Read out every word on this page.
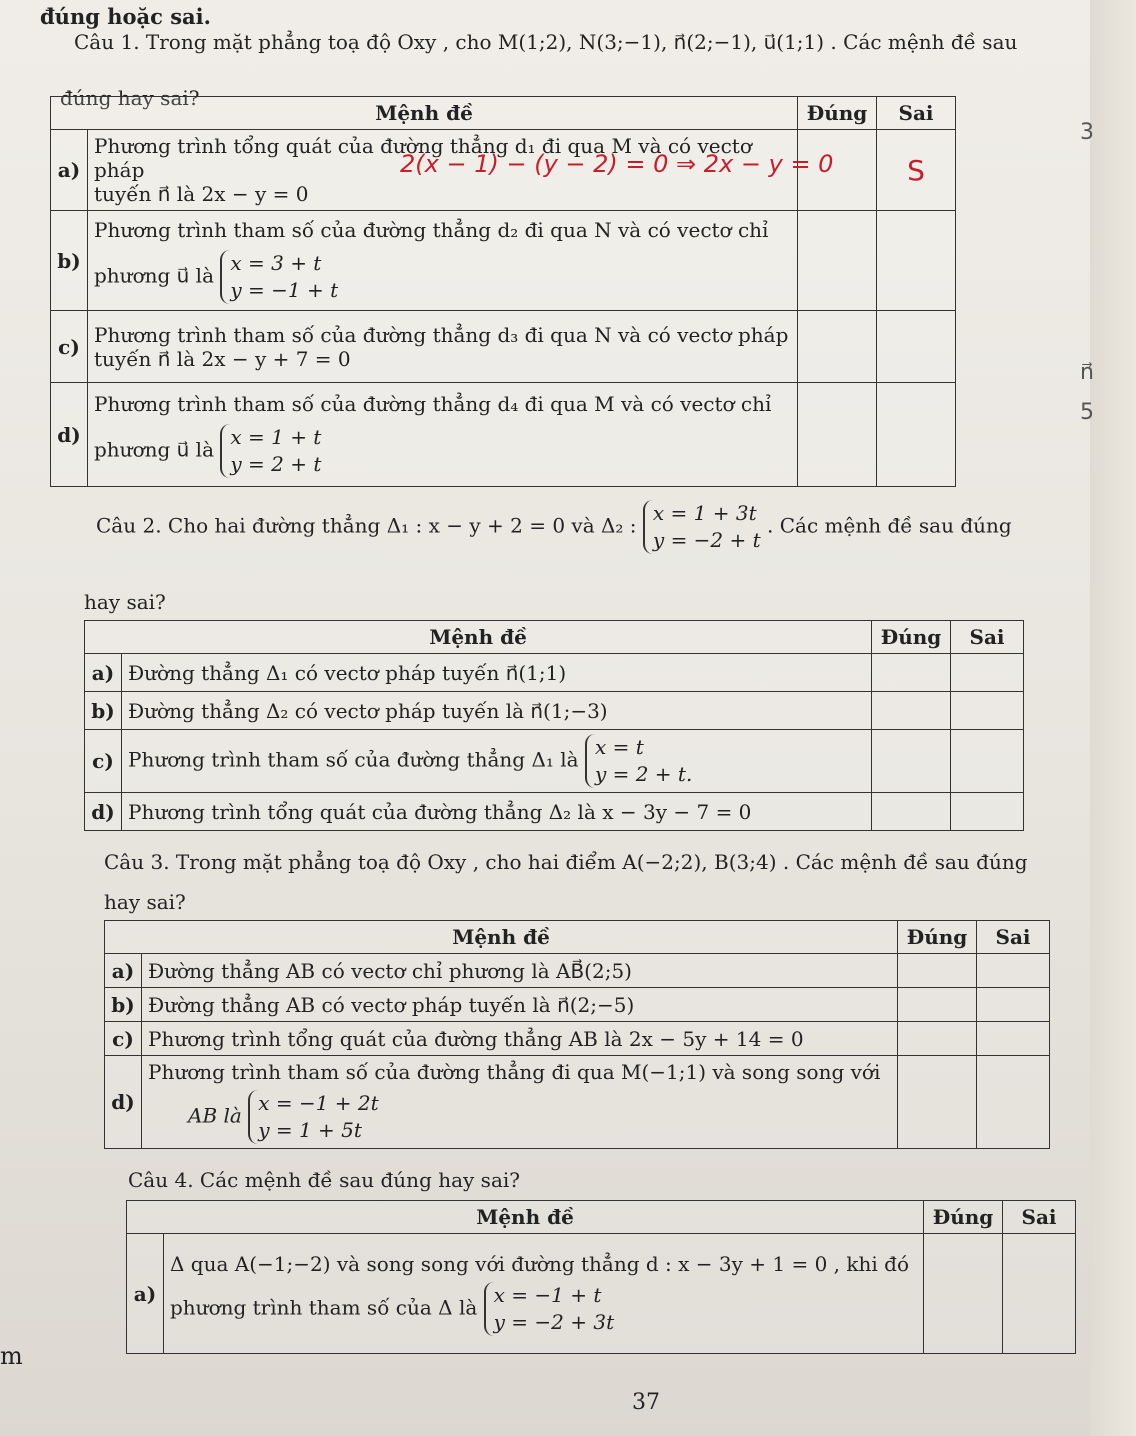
đúng hoặc sai.
Câu 1. Trong mặt phẳng toạ độ Oxy , cho M(1;2), N(3;−1), n⃗(2;−1), u⃗(1;1) . Các mệnh đề sau
đúng hay sai?
Mệnh đề		Đúng	Sai
a)	Phương trình tổng quát của đường thẳng d₁ đi qua M và có vectơ pháp
tuyến n⃗ là 2x − y = 0		S
b)	Phương trình tham số của đường thẳng d₂ đi qua N và có vectơ chỉ
phương u⃗ là x = 3 + t
y = −1 + t		

c)	Phương trình tham số của đường thẳng d₃ đi qua N và có vectơ pháp
tuyến n⃗ là 2x − y + 7 = 0		

d)	Phương trình tham số của đường thẳng d₄ đi qua M và có vectơ chỉ
phương u⃗ là x = 1 + t
y = 2 + t		

2(x − 1) − (y − 2) = 0 ⇒ 2x − y = 0
Câu 2. Cho hai đường thẳng Δ₁ : x − y + 2 = 0 và Δ₂ : x = 1 + 3t
y = −2 + t . Các mệnh đề sau đúng
hay sai?
Mệnh đề		Đúng	Sai
a)	Đường thẳng Δ₁ có vectơ pháp tuyến n⃗(1;1)		
b)	Đường thẳng Δ₂ có vectơ pháp tuyến là n⃗(1;−3)		
c)	Phương trình tham số của đường thẳng Δ₁ là x = t
y = 2 + t.		
d)	Phương trình tổng quát của đường thẳng Δ₂ là x − 3y − 7 = 0		
Câu 3. Trong mặt phẳng toạ độ Oxy , cho hai điểm A(−2;2), B(3;4) . Các mệnh đề sau đúng
hay sai?
Mệnh đề		Đúng	Sai
a)	Đường thẳng AB có vectơ chỉ phương là AB⃗(2;5)		
b)	Đường thẳng AB có vectơ pháp tuyến là n⃗(2;−5)		
c)	Phương trình tổng quát của đường thẳng AB là 2x − 5y + 14 = 0		
d)	Phương trình tham số của đường thẳng đi qua M(−1;1) và song song với
AB là x = −1 + 2t
y = 1 + 5t		

Câu 4. Các mệnh đề sau đúng hay sai?
Mệnh đề		Đúng	Sai
a)	Δ qua A(−1;−2) và song song với đường thẳng d : x − 3y + 1 = 0 , khi đó
phương trình tham số của Δ là x = −1 + t
y = −2 + 3t		

37
m
3
n⃗
5
